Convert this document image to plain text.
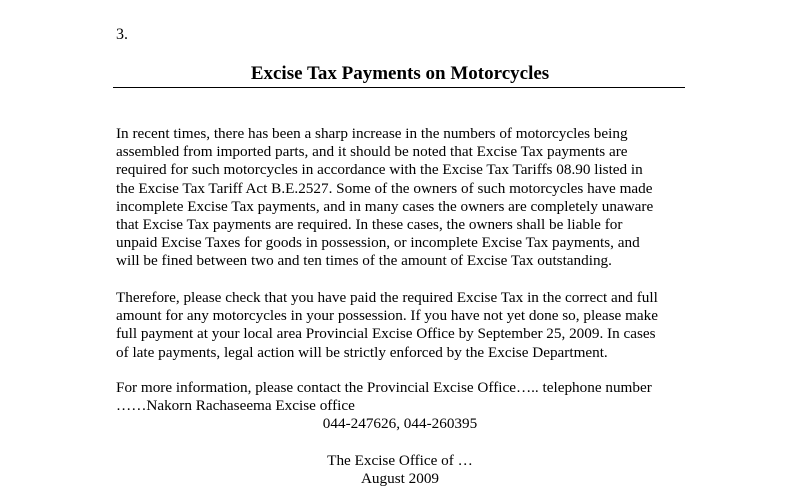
3.
Excise Tax Payments on Motorcycles

In recent times, there has been a sharp increase in the numbers of motorcycles being
assembled from imported parts, and it should be noted that Excise Tax payments are
required for such motorcycles in accordance with the Excise Tax Tariffs 08.90 listed in
the Excise Tax Tariff Act B.E.2527. Some of the owners of such motorcycles have made
incomplete Excise Tax payments, and in many cases the owners are completely unaware
that Excise Tax payments are required. In these cases, the owners shall be liable for
unpaid Excise Taxes for goods in possession, or incomplete Excise Tax payments, and
will be fined between two and ten times of the amount of Excise Tax outstanding.

Therefore, please check that you have paid the required Excise Tax in the correct and full
amount for any motorcycles in your possession. If you have not yet done so, please make
full payment at your local area Provincial Excise Office by September 25, 2009. In cases
of late payments, legal action will be strictly enforced by the Excise Department.

For more information, please contact the Provincial Excise Office….. telephone number
……Nakorn Rachaseema Excise office

044-247626, 044-260395
The Excise Office of …
August 2009
